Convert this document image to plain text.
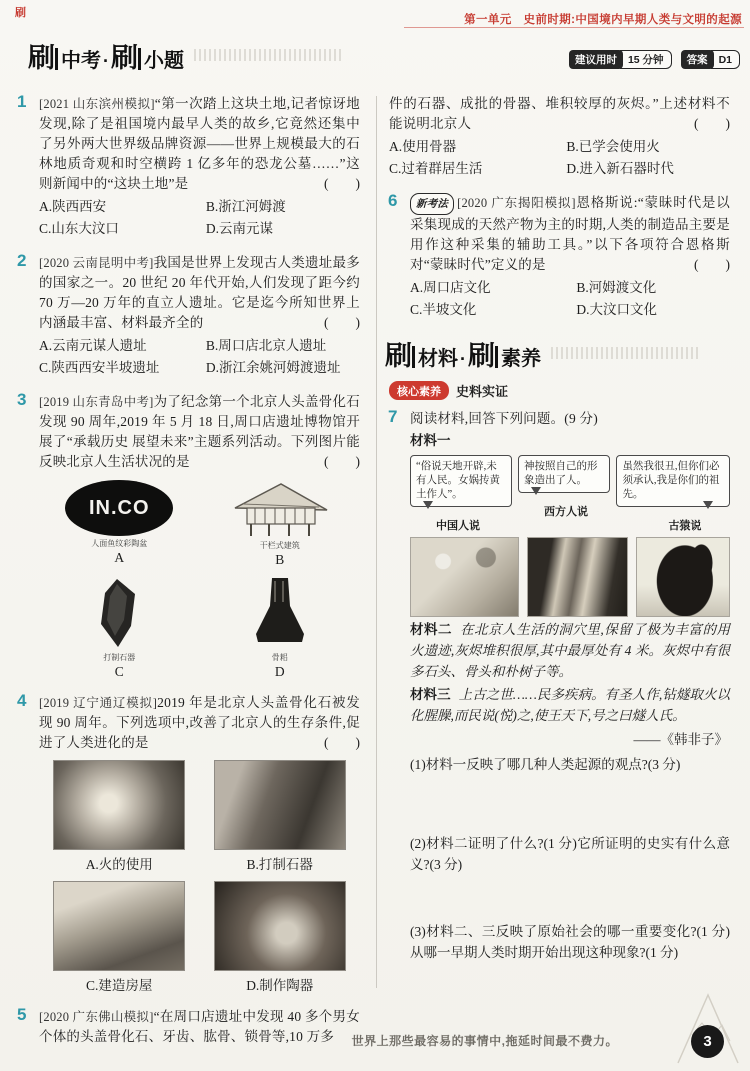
刷
第一单元　史前时期:中国境内早期人类与文明的起源
刷 中考 ·刷 小题	建议用时	15 分钟	答案	D1
1 [2021 山东滨州模拟]“第一次踏上这块土地,记者惊讶地发现,除了是祖国境内最早人类的故乡,它竟然还集中了另外两大世界级品牌资源——世界上规模最大的石林地质奇观和时空横跨 1 亿多年的恐龙公墓……”这则新闻中的“这块土地”是	(　　)
A.陕西西安	B.浙江河姆渡
C.山东大汶口	D.云南元谋
2 [2020 云南昆明中考]我国是世界上发现古人类遗址最多的国家之一。20 世纪 20 年代开始,人们发现了距今约 70 万—20 万年的直立人遗址。它是迄今所知世界上内涵最丰富、材料最齐全的	(　　)
A.云南元谋人遗址	B.周口店北京人遗址
C.陕西西安半坡遗址	D.浙江余姚河姆渡遗址
3 [2019 山东青岛中考]为了纪念第一个北京人头盖骨化石发现 90 周年,2019 年 5 月 18 日,周口店遗址博物馆开展了“承载历史 展望未来”主题系列活动。下列图片能反映北京人生活状况的是	(　　)
IN.CO
人面鱼纹彩陶盆
A
干栏式建筑
B
打制石器
C
骨耜
D
4 [2019 辽宁通辽模拟]2019 年是北京人头盖骨化石被发现 90 周年。下列选项中,改善了北京人的生存条件,促进了人类进化的是	(　　)
A.火的使用	B.打制石器
C.建造房屋	D.制作陶器
5 [2020 广东佛山模拟]“在周口店遗址中发现 40 多个男女个体的头盖骨化石、牙齿、肱骨、锁骨等,10 万多
件的石器、成批的骨器、堆积较厚的灰烬。”上述材料不能说明北京人	(　　)
A.使用骨器	B.已学会使用火
C.过着群居生活	D.进入新石器时代
6	新考法 [2020 广东揭阳模拟]恩格斯说:“蒙昧时代是以采集现成的天然产物为主的时期,人类的制造品主要是用作这种采集的辅助工具。”以下各项符合恩格斯对“蒙昧时代”定义的是	(　　)
A.周口店文化	B.河姆渡文化
C.半坡文化	D.大汶口文化
刷 材料 ·刷 素养
核心素养	史料实证
7 阅读材料,回答下列问题。(9 分)
材料一
“俗说天地开辟,未有人民。女娲抟黄土作人”。
中国人说
神按照自己的形象造出了人。
西方人说
虽然我很丑,但你们必须承认,我是你们的祖先。
古猿说
材料二 在北京人生活的洞穴里,保留了极为丰富的用火遗迹,灰烬堆积很厚,其中最厚处有 4 米。灰烬中有很多石头、骨头和朴树子等。
材料三 上古之世……民多疾病。有圣人作,钻燧取火以化腥臊,而民说(悦)之,使王天下,号之曰燧人氏。
——《韩非子》
(1)材料一反映了哪几种人类起源的观点?(3 分)
(2)材料二证明了什么?(1 分)它所证明的史实有什么意义?(3 分)
(3)材料二、三反映了原始社会的哪一重要变化?(1 分)从哪一早期人类时期开始出现这种现象?(1 分)
世界上那些最容易的事情中,拖延时间最不费力。	3
